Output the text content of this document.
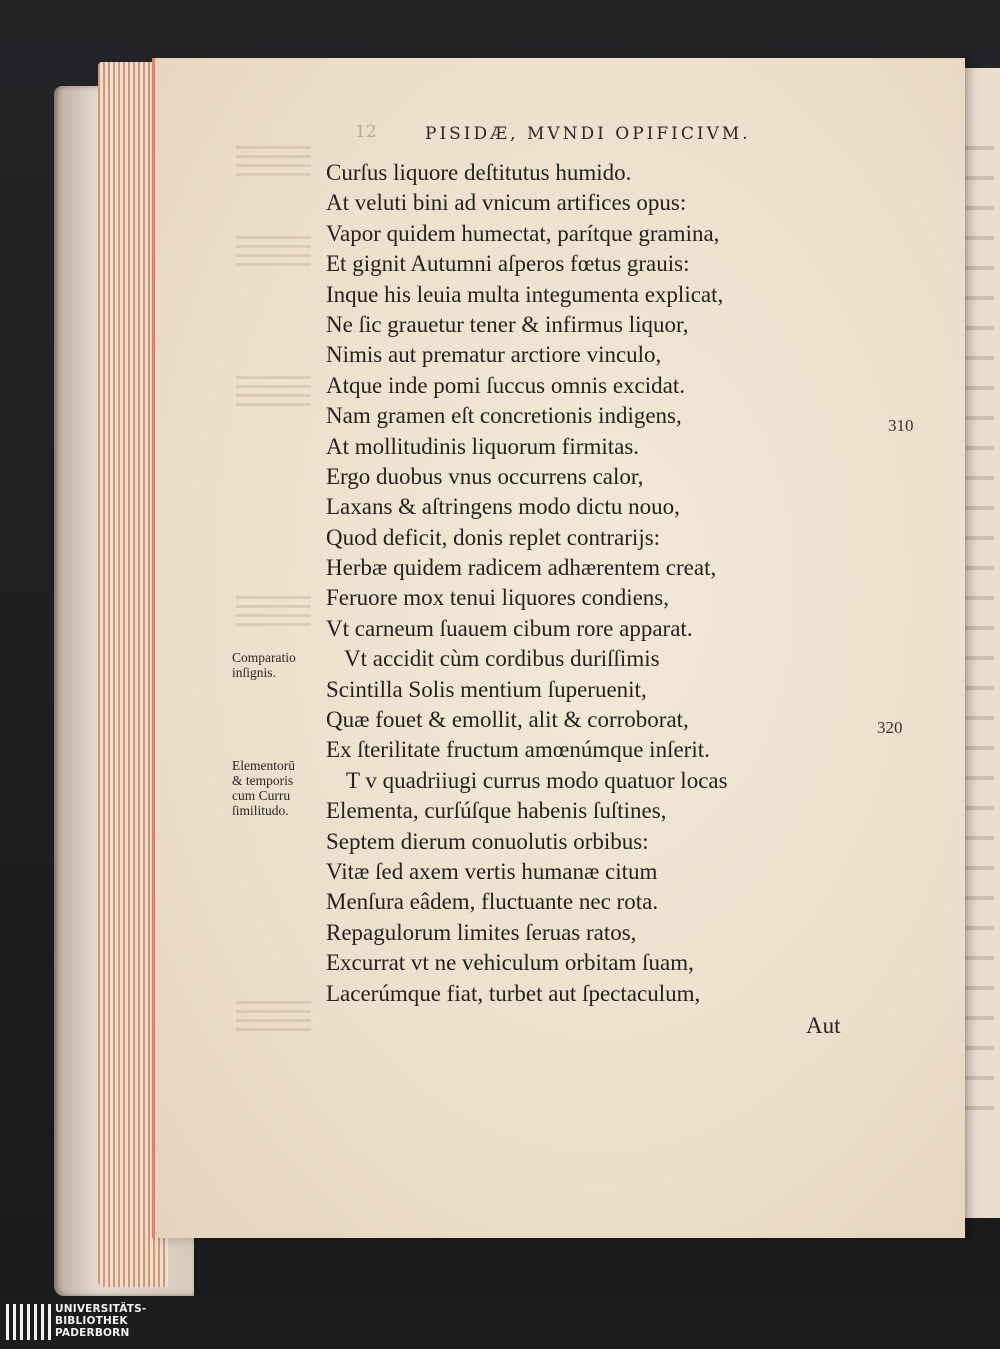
12	PISIDÆ, MVNDI OPIFICIVM.
Curſus liquore deſtitutus humido.
At veluti bini ad vnicum artifices opus:
Vapor quidem humectat, parítque gramina,
Et gignit Autumni aſperos fœtus grauis:
Inque his leuia multa integumenta explicat,
Ne ſic grauetur tener & infirmus liquor,
Nimis aut prematur arctiore vinculo,
Atque inde pomi ſuccus omnis excidat.
Nam gramen eſt concretionis indigens,
At mollitudinis liquorum firmitas.
Ergo duobus vnus occurrens calor,
Laxans & aſtringens modo dictu nouo,
Quod deficit, donis replet contrarijs:
Herbæ quidem radicem adhærentem creat,
Feruore mox tenui liquores condiens,
Vt carneum ſuauem cibum rore apparat.
Vt accidit cùm cordibus duriſſimis
Scintilla Solis mentium ſuperuenit,
Quæ fouet & emollit, alit & corroborat,
Ex ſterilitate fructum amœnúmque inſerit.
T v quadriiugi currus modo quatuor locas
Elementa, curſúſque habenis ſuſtines,
Septem dierum conuolutis orbibus:
Vitæ ſed axem vertis humanæ citum
Menſura eâdem, fluctuante nec rota.
Repagulorum limites ſeruas ratos,
Excurrat vt ne vehiculum orbitam ſuam,
Lacerúmque fiat, turbet aut ſpectaculum,
Comparatio
inſignis.
Elementorū
& temporis
cum Curru
ſimilitudo.
310
320
Aut
UNIVERSITÄTS-
BIBLIOTHEK
PADERBORN
